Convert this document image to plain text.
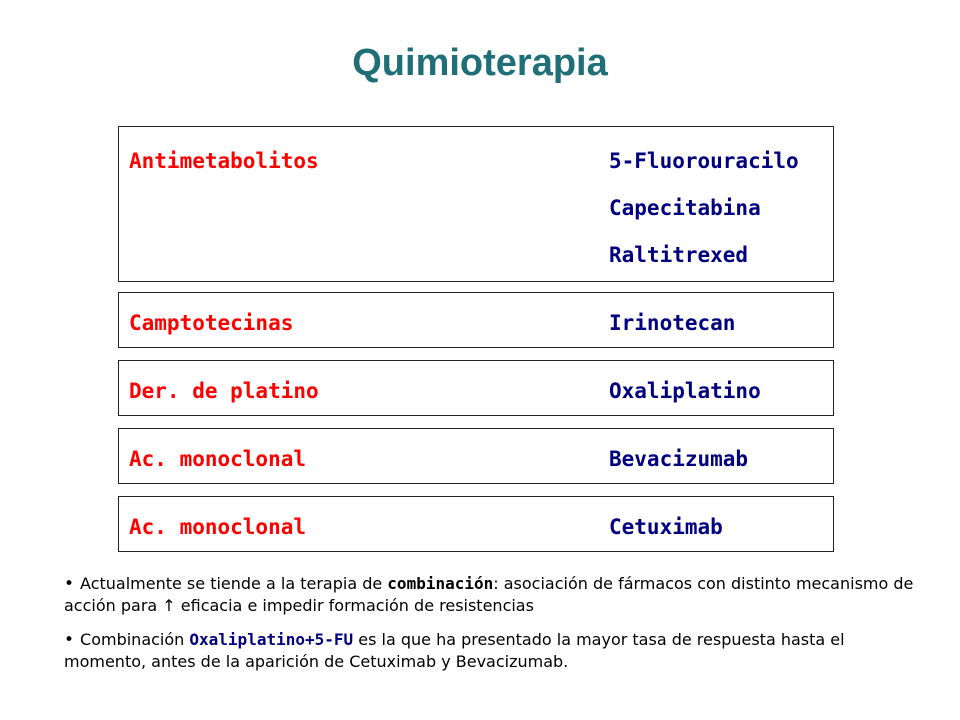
Quimioterapia
Antimetabolitos	5-Fluorouracilo
Capecitabina
Raltitrexed
Camptotecinas	Irinotecan
Der. de platino	Oxaliplatino
Ac. monoclonal	Bevacizumab
Ac. monoclonal	Cetuximab

• Actualmente se tiende a la terapia de combinación: asociación de fármacos con distinto mecanismo de acción para ↑ eficacia e impedir formación de resistencias

• Combinación Oxaliplatino+5-FU es la que ha presentado la mayor tasa de respuesta hasta el momento, antes de la aparición de Cetuximab y Bevacizumab.
